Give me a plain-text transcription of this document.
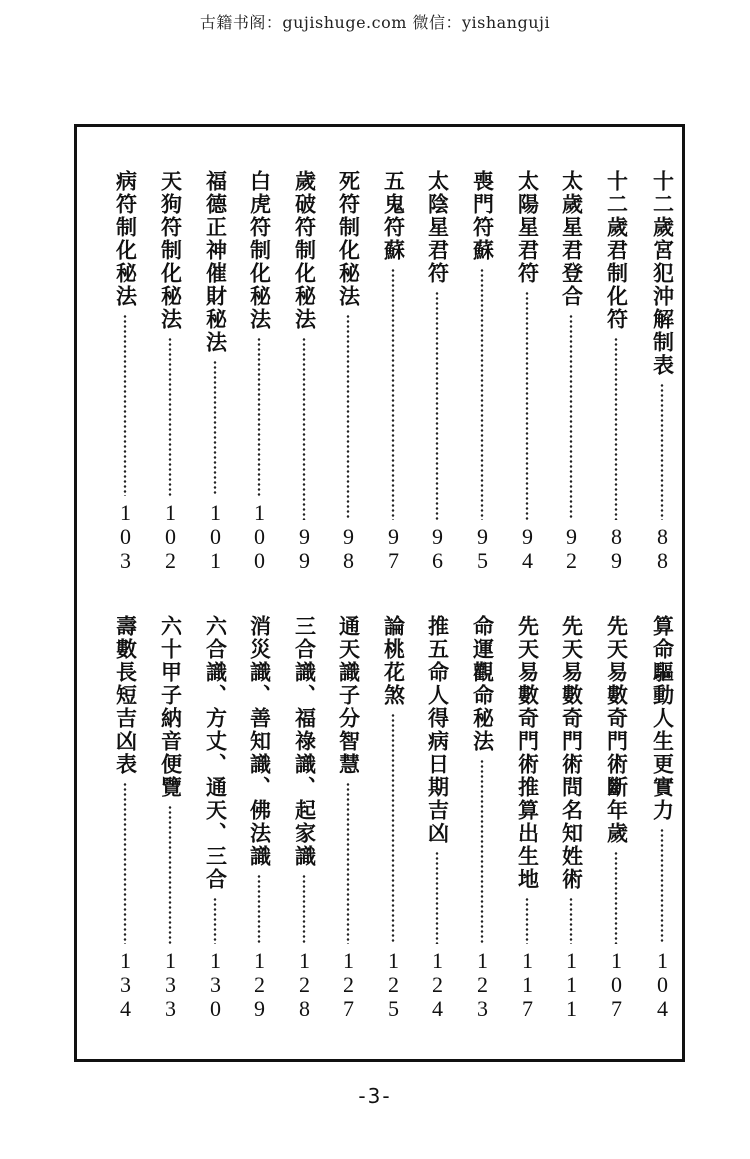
古籍书阁：gujishuge.com 微信：yishanguji
十二歲宮犯沖解制表
88
十二歲君制化符
89
太歲星君登合
92
太陽星君符
94
喪門符蘇
95
太陰星君符
96
五鬼符蘇
97
死符制化秘法
98
歲破符制化秘法
99
白虎符制化秘法
100
福德正神催財秘法
101
天狗符制化秘法
102
病符制化秘法
103
算命驅動人生更實力
104
先天易數奇門術斷年歲
107
先天易數奇門術問名知姓術
111
先天易數奇門術推算出生地
117
命運觀命秘法
123
推五命人得病日期吉凶
124
論桃花煞
125
通天識子分智慧
127
三合識、福祿識、起家識
128
消災識、善知識、佛法識
129
六合識、方丈、通天、三合
130
六十甲子納音便覽
133
壽數長短吉凶表
134
-3-
